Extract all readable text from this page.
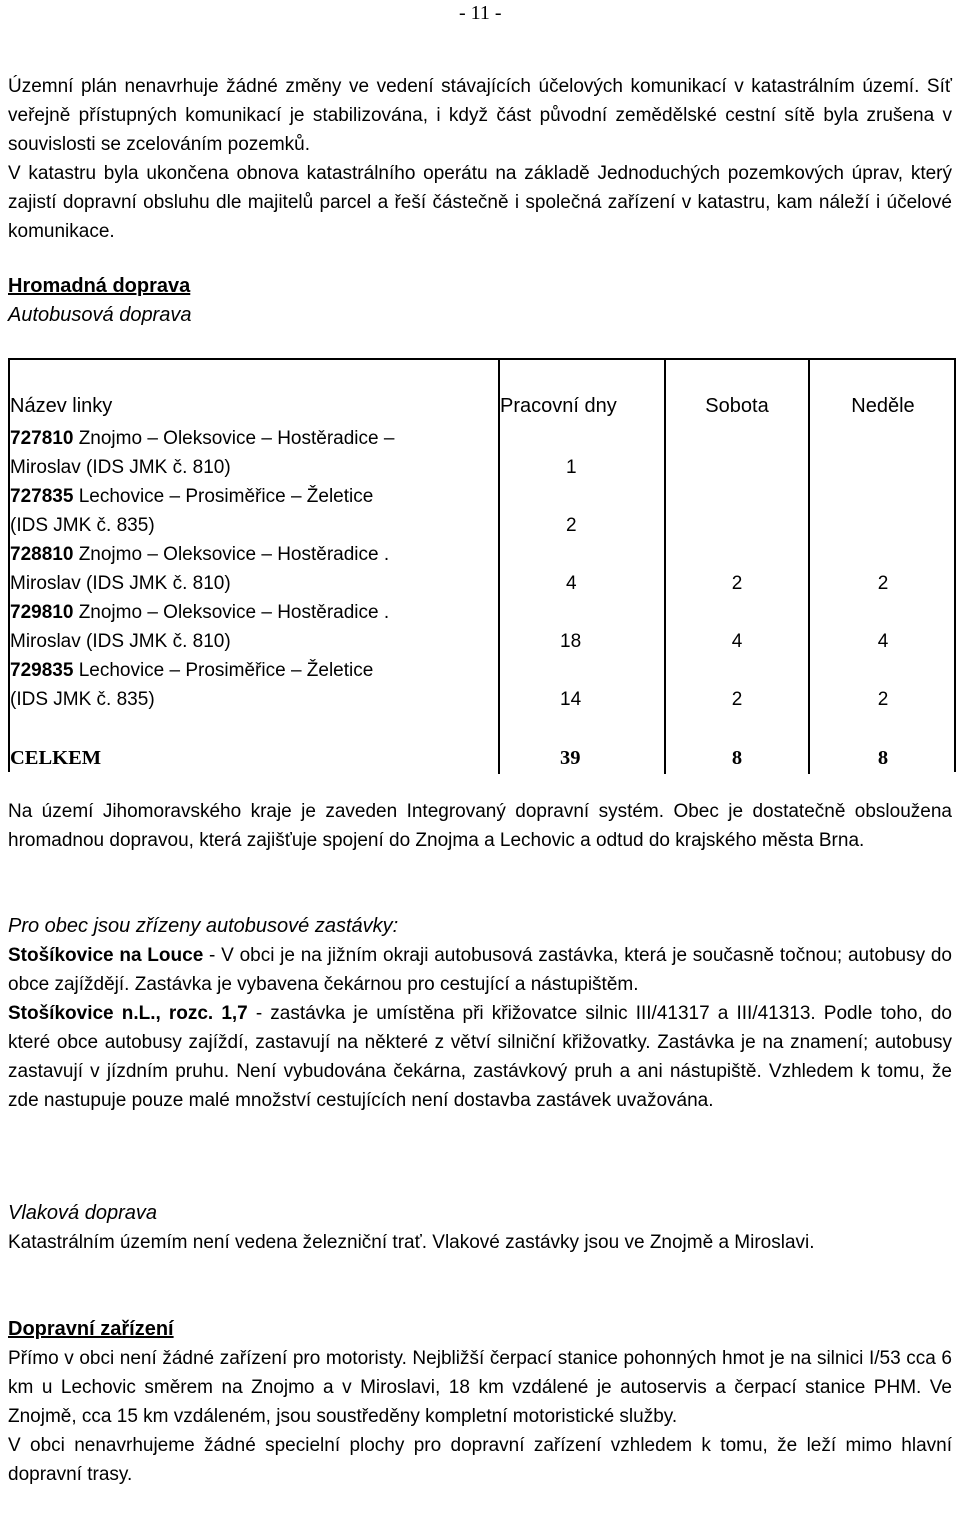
- 11 -

Územní plán nenavrhuje žádné změny ve vedení stávajících účelových komunikací v katastrálním území. Síť veřejně přístupných komunikací je stabilizována, i když část původní zemědělské cestní sítě byla zrušena v souvislosti se zcelováním pozemků.

V katastru byla ukončena obnova katastrálního operátu na základě Jednoduchých pozemkových úprav, který zajistí dopravní obsluhu dle majitelů parcel a řeší částečně i společná zařízení v katastru, kam náleží i účelové komunikace.

Hromadná doprava

Autobusová doprava

Název linky	Pracovní dny	Sobota	Neděle
727810 Znojmo – Oleksovice – Hostěradice –
Miroslav (IDS JMK č. 810)	1
727835 Lechovice – Prosiměřice – Želetice
(IDS JMK č. 835)	2
728810 Znojmo – Oleksovice – Hostěradice .
Miroslav (IDS JMK č. 810)	4	2	2
729810 Znojmo – Oleksovice – Hostěradice .
Miroslav (IDS JMK č. 810)	18	4	4
729835 Lechovice – Prosiměřice – Želetice
(IDS JMK č. 835)	14	2	2
CELKEM	39	8	8

Na území Jihomoravského kraje je zaveden Integrovaný dopravní systém. Obec je dostatečně obsloužena hromadnou dopravou, která zajišťuje spojení do Znojma a Lechovic a odtud do krajského města Brna.

Pro obec jsou zřízeny autobusové zastávky:

Stošíkovice na Louce - V obci je na jižním okraji autobusová zastávka, která je současně točnou; autobusy do obce zajíždějí. Zastávka je vybavena čekárnou pro cestující a nástupištěm.

Stošíkovice n.L., rozc. 1,7 - zastávka je umístěna při křižovatce silnic III/41317 a III/41313. Podle toho, do které obce autobusy zajíždí, zastavují na některé z větví silniční křižovatky. Zastávka je na znamení; autobusy zastavují v jízdním pruhu. Není vybudována čekárna, zastávkový pruh a ani nástupiště. Vzhledem k tomu, že zde nastupuje pouze malé množství cestujících není dostavba zastávek uvažována.

Vlaková doprava

Katastrálním územím není vedena železniční trať. Vlakové zastávky jsou ve Znojmě a Miroslavi.

Dopravní zařízení

Přímo v obci není žádné zařízení pro motoristy. Nejbližší čerpací stanice pohonných hmot je na silnici I/53 cca 6 km u Lechovic směrem na Znojmo a v Miroslavi, 18 km vzdálené je autoservis a čerpací stanice PHM. Ve Znojmě, cca 15 km vzdáleném, jsou soustředěny kompletní motoristické služby.

V obci nenavrhujeme žádné specielní plochy pro dopravní zařízení vzhledem k tomu, že leží mimo hlavní dopravní trasy.
